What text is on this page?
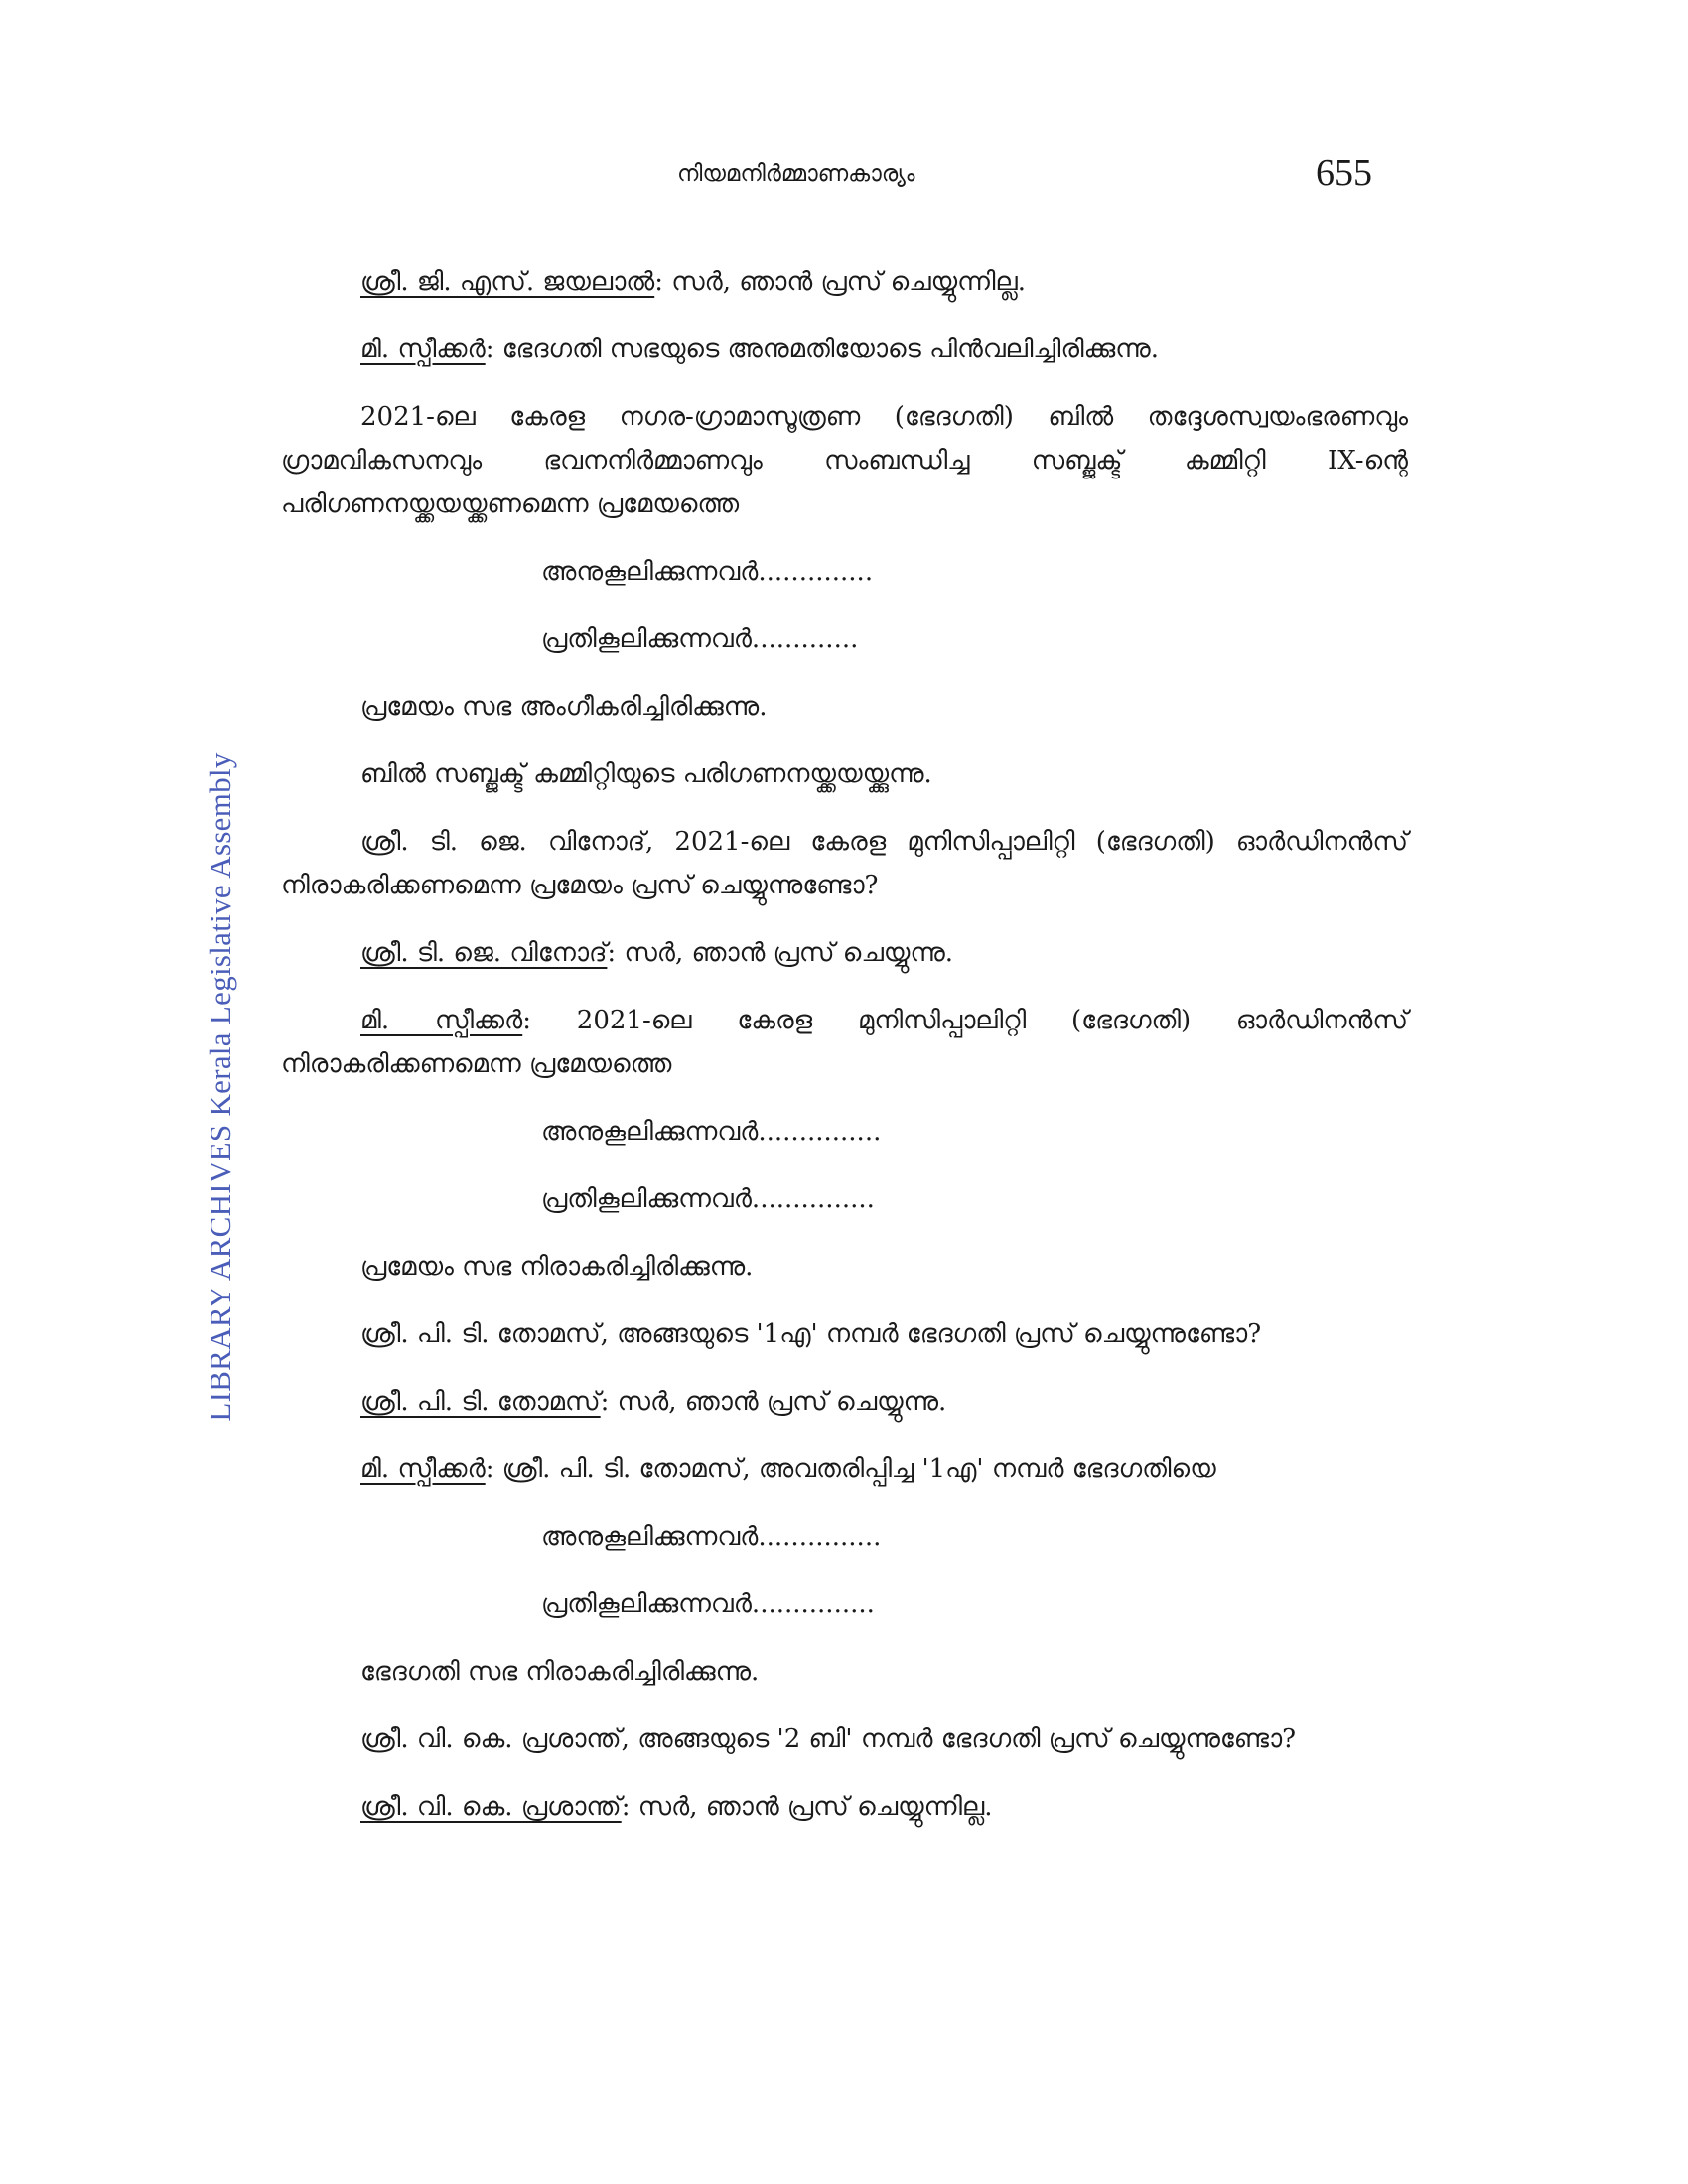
LIBRARY ARCHIVES Kerala Legislative Assembly
നിയമനിർമ്മാണകാര്യം	655

ശ്രീ. ജി. എസ്. ജയലാൽ: സർ, ഞാൻ പ്രസ് ചെയ്യുന്നില്ല.

മി. സ്പീക്കർ: ഭേദഗതി സഭയുടെ അനുമതിയോടെ പിൻവലിച്ചിരിക്കുന്നു.

2021-ലെ കേരള നഗര-ഗ്രാമാസൂത്രണ (ഭേദഗതി) ബിൽ തദ്ദേശസ്വയംഭരണവും ഗ്രാമവികസനവും ഭവനനിർമ്മാണവും സംബന്ധിച്ച സബ്ജക്ട് കമ്മിറ്റി IX-ന്റെ പരിഗണനയ്ക്കയയ്ക്കണമെന്ന പ്രമേയത്തെ

അനുകൂലിക്കുന്നവർ..............

പ്രതികൂലിക്കുന്നവർ.............

പ്രമേയം സഭ അംഗീകരിച്ചിരിക്കുന്നു.

ബിൽ സബ്ജക്ട് കമ്മിറ്റിയുടെ പരിഗണനയ്ക്കയയ്ക്കുന്നു.

ശ്രീ. ടി. ജെ. വിനോദ്, 2021-ലെ കേരള മുനിസിപ്പാലിറ്റി (ഭേദഗതി) ഓർഡിനൻസ് നിരാകരിക്കണമെന്ന പ്രമേയം പ്രസ് ചെയ്യുന്നുണ്ടോ?

ശ്രീ. ടി. ജെ. വിനോദ്: സർ, ഞാൻ പ്രസ് ചെയ്യുന്നു.

മി. സ്പീക്കർ: 2021-ലെ കേരള മുനിസിപ്പാലിറ്റി (ഭേദഗതി) ഓർഡിനൻസ് നിരാകരിക്കണമെന്ന പ്രമേയത്തെ

അനുകൂലിക്കുന്നവർ...............

പ്രതികൂലിക്കുന്നവർ...............

പ്രമേയം സഭ നിരാകരിച്ചിരിക്കുന്നു.

ശ്രീ. പി. ടി. തോമസ്, അങ്ങയുടെ '1എ' നമ്പർ ഭേദഗതി പ്രസ് ചെയ്യുന്നുണ്ടോ?

ശ്രീ. പി. ടി. തോമസ്: സർ, ഞാൻ പ്രസ് ചെയ്യുന്നു.

മി. സ്പീക്കർ: ശ്രീ. പി. ടി. തോമസ്, അവതരിപ്പിച്ച '1എ' നമ്പർ ഭേദഗതിയെ

അനുകൂലിക്കുന്നവർ...............

പ്രതികൂലിക്കുന്നവർ...............

ഭേദഗതി സഭ നിരാകരിച്ചിരിക്കുന്നു.

ശ്രീ. വി. കെ. പ്രശാന്ത്, അങ്ങയുടെ '2 ബി' നമ്പർ ഭേദഗതി പ്രസ് ചെയ്യുന്നുണ്ടോ?

ശ്രീ. വി. കെ. പ്രശാന്ത്: സർ, ഞാൻ പ്രസ് ചെയ്യുന്നില്ല.
